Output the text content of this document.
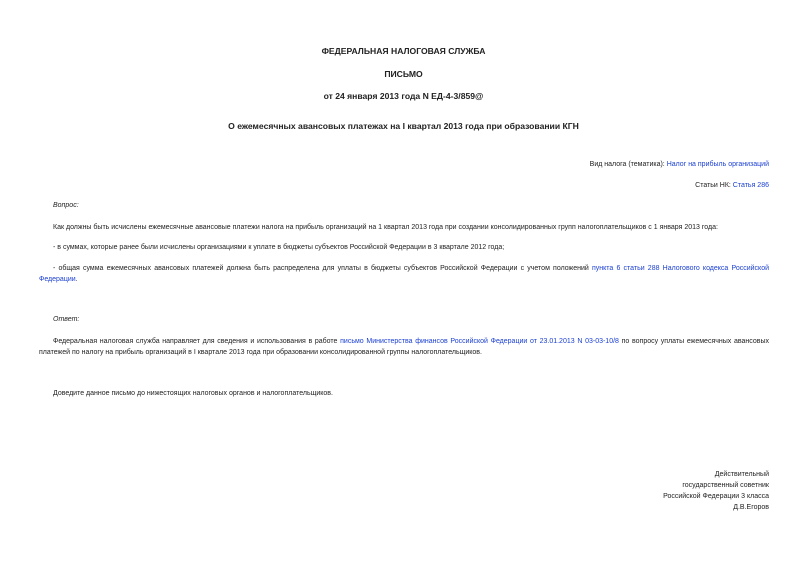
ФЕДЕРАЛЬНАЯ НАЛОГОВАЯ СЛУЖБА
ПИСЬМО
от 24 января 2013 года N ЕД-4-3/859@
О ежемесячных авансовых платежах на I квартал 2013 года при образовании КГН
Вид налога (тематика): Налог на прибыль организаций
Статьи НК: Статья 286
Вопрос:
Как должны быть исчислены ежемесячные авансовые платежи налога на прибыль организаций на 1 квартал 2013 года при создании консолидированных групп налогоплательщиков с 1 января 2013 года:
- в суммах, которые ранее были исчислены организациями к уплате в бюджеты субъектов Российской Федерации в 3 квартале 2012 года;
- общая сумма ежемесячных авансовых платежей должна быть распределена для уплаты в бюджеты субъектов Российской Федерации с учетом положений пункта 6 статьи 288 Налогового кодекса Российской Федерации.
Ответ:
Федеральная налоговая служба направляет для сведения и использования в работе письмо Министерства финансов Российской Федерации от 23.01.2013 N 03-03-10/8 по вопросу уплаты ежемесячных авансовых платежей по налогу на прибыль организаций в I квартале 2013 года при образовании консолидированной группы налогоплательщиков.
Доведите данное письмо до нижестоящих налоговых органов и налогоплательщиков.
Действительный
государственный советник
Российской Федерации 3 класса
Д.В.Егоров
